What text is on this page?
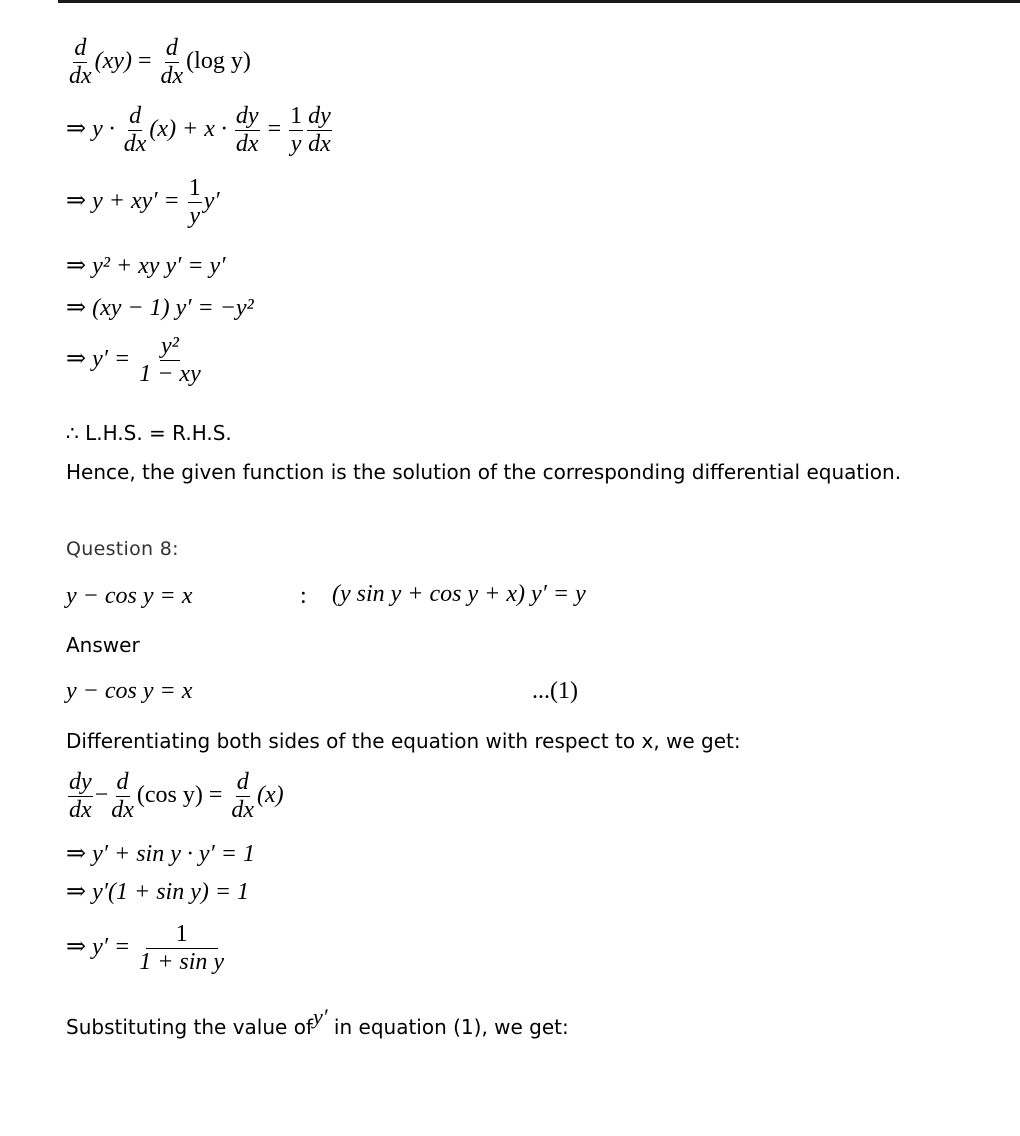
$\frac{d}{dx} (xy) = \frac{d}{dx} (\log$ y)
⇒ $y \cdot \frac{d}{dx} (x) + x \cdot \frac{dy}{dx} = \frac{1}{y} \frac{dy}{dx}$
⇒ $y + xy' = \frac{1}{y} y'$
⇒ y² + xy y′ = y′
⇒ (xy − 1) y′ = −y²
⇒ $y' = \frac{\text{y²}}{1 - xy}$
∴ L.H.S. = R.H.S.
Hence, the given function is the solution of the corresponding differential equation.
Question 8:
y − cos y = x	: (y sin y + cos y + x) y′ = y
Answer
y − cos y = x	...(1)
Differentiating both sides of the equation with respect to x, we get:
$\frac{dy}{dx} - \frac{d}{dx} (\cos$ $y) = \frac{d}{dx} (x)$
⇒ y′ + sin y · y′ = 1
⇒ y′(1 + sin y) = 1
⇒ $y' = \frac{1}{\text{1 + sin y}}$
Substituting the value ofy′ in equation (1), we get:
